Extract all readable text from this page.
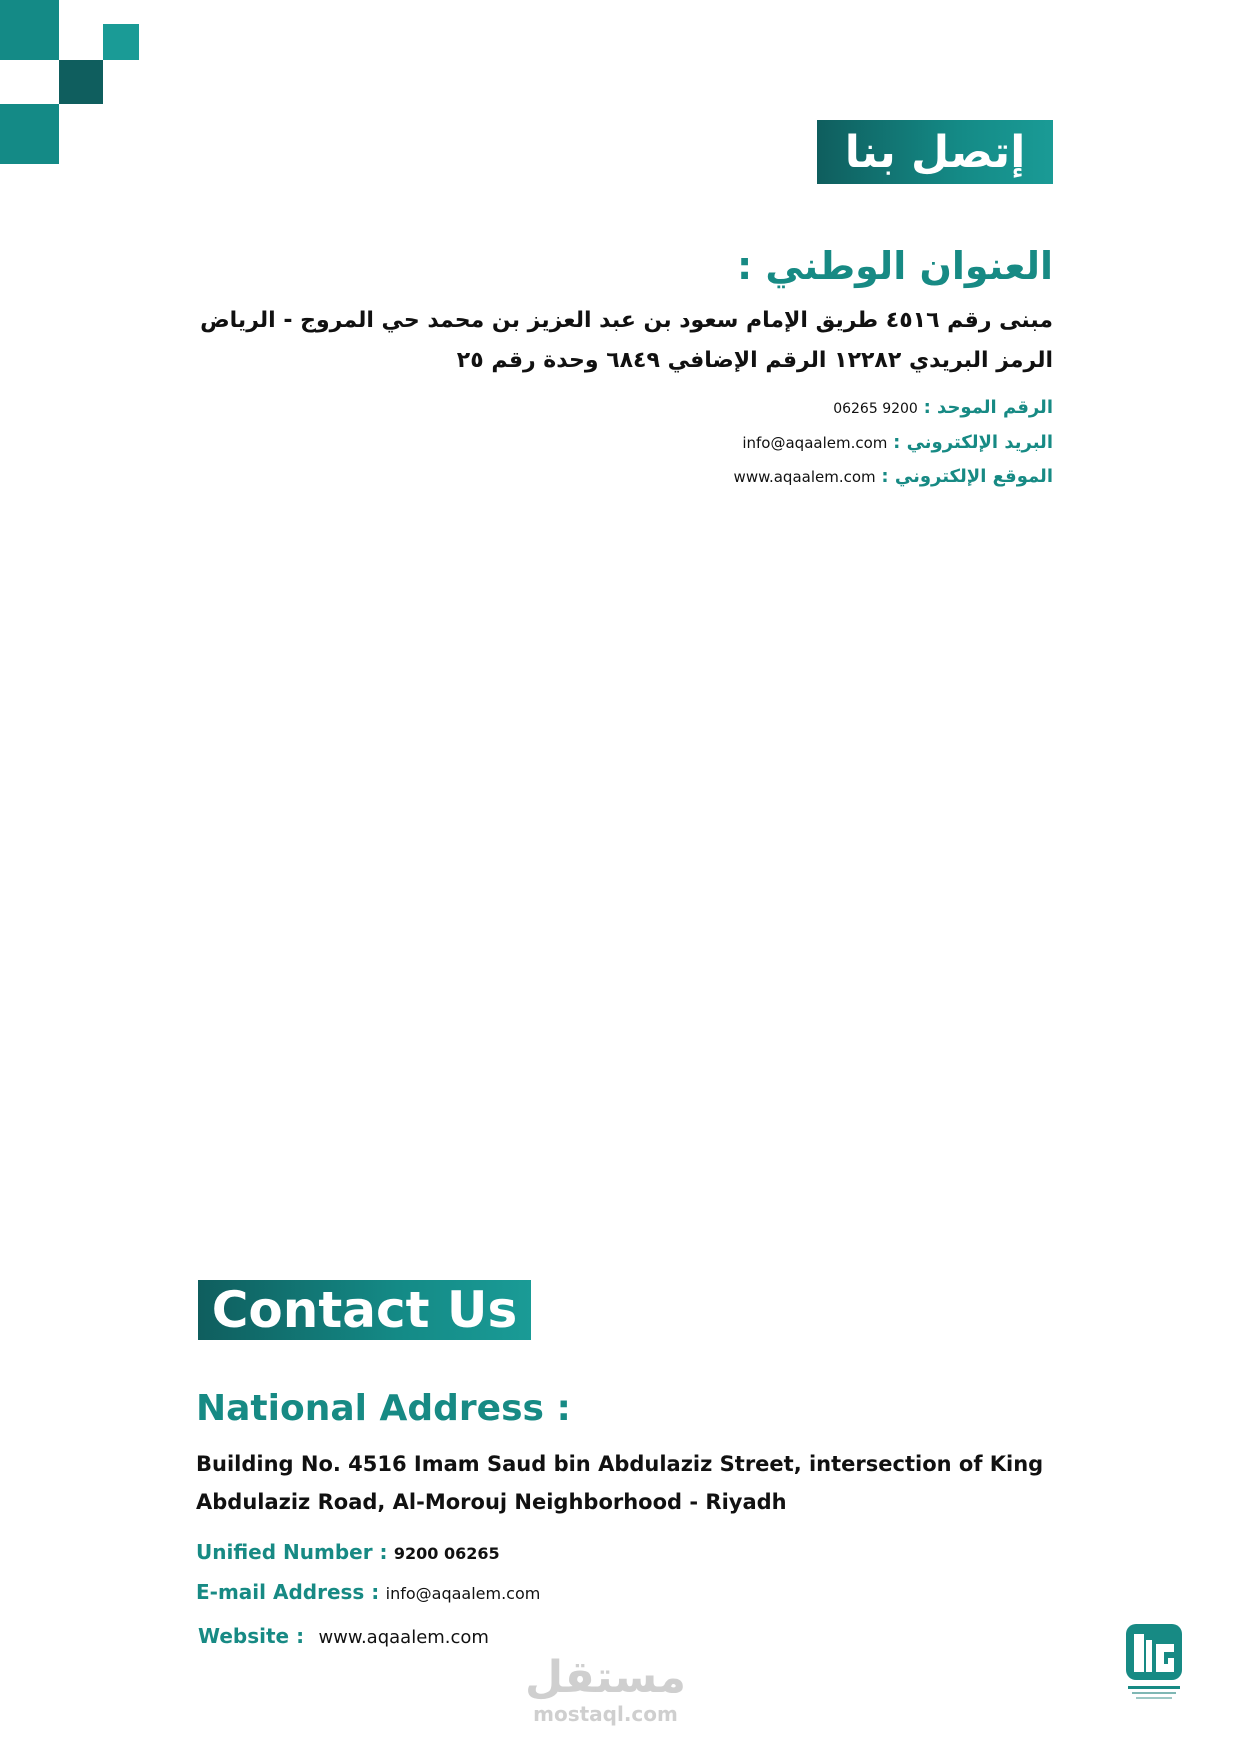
إتصل بنا
العنوان الوطني :
مبنى رقم ٤٥١٦ طريق الإمام سعود بن عبد العزيز بن محمد حي المروج - الرياض
الرمز البريدي ١٢٢٨٢ الرقم الإضافي ٦٨٤٩ وحدة رقم ٢٥
الرقم الموحد : 9200 06265
البريد الإلكتروني : info@aqaalem.com
الموقع الإلكتروني : www.aqaalem.com
Contact Us
National Address :
Building No. 4516 Imam Saud bin Abdulaziz Street, intersection of King
Abdulaziz Road, Al-Morouj Neighborhood - Riyadh
Unified Number : 9200 06265
E-mail Address : info@aqaalem.com
Website : www.aqaalem.com
مستقل
mostaql.com
